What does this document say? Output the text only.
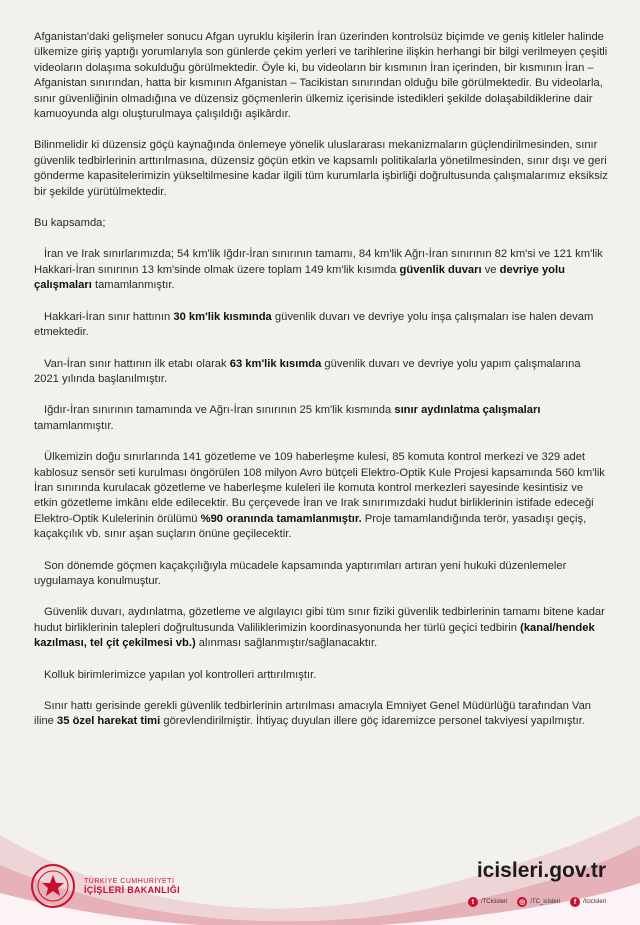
Afganistan'daki gelişmeler sonucu Afgan uyruklu kişilerin İran üzerinden kontrolsüz biçimde ve geniş kitleler halinde ülkemize giriş yaptığı yorumlarıyla son günlerde çekim yerleri ve tarihlerine ilişkin herhangi bir bilgi verilmeyen çeşitli videoların dolaşıma sokulduğu görülmektedir. Öyle ki, bu videoların bir kısmının İran içerinden, bir kısmının İran – Afganistan sınırından, hatta bir kısmının Afganistan – Tacikistan sınırından olduğu bile görülmektedir. Bu videolarla, sınır güvenliğinin olmadığına ve düzensiz göçmenlerin ülkemiz içerisinde istedikleri şekilde dolaşabildiklerine dair kamuoyunda algı oluşturulmaya çalışıldığı aşikârdır.

Bilinmelidir ki düzensiz göçü kaynağında önlemeye yönelik uluslararası mekanizmaların güçlendirilmesinden, sınır güvenlik tedbirlerinin arttırılmasına, düzensiz göçün etkin ve kapsamlı politikalarla yönetilmesinden, sınır dışı ve geri gönderme kapasitelerimizin yükseltilmesine kadar ilgili tüm kurumlarla işbirliği doğrultusunda çalışmalarımız eksiksiz bir şekilde yürütülmektedir.

Bu kapsamda;

İran ve Irak sınırlarımızda; 54 km'lik Iğdır-İran sınırının tamamı, 84 km'lik Ağrı-İran sınırının 82 km'si ve 121 km'lik Hakkari-İran sınırının 13 km'sinde olmak üzere toplam 149 km'lik kısımda güvenlik duvarı ve devriye yolu çalışmaları tamamlanmıştır.

Hakkari-İran sınır hattının 30 km'lik kısmında güvenlik duvarı ve devriye yolu inşa çalışmaları ise halen devam etmektedir.

Van-İran sınır hattının ilk etabı olarak 63 km'lik kısımda güvenlik duvarı ve devriye yolu yapım çalışmalarına 2021 yılında başlanılmıştır.

Iğdır-İran sınırının tamamında ve Ağrı-İran sınırının 25 km'lik kısmında sınır aydınlatma çalışmaları tamamlanmıştır.

Ülkemizin doğu sınırlarında 141 gözetleme ve 109 haberleşme kulesi, 85 komuta kontrol merkezi ve 329 adet kablosuz sensör seti kurulması öngörülen 108 milyon Avro bütçeli Elektro-Optik Kule Projesi kapsamında 560 km'lik İran sınırında kurulacak gözetleme ve haberleşme kuleleri ile komuta kontrol merkezleri sayesinde kesintisiz ve etkin gözetleme imkânı elde edilecektir. Bu çerçevede İran ve Irak sınırımızdaki hudut birliklerinin istifade edeceği Elektro-Optik Kulelerinin örülümü %90 oranında tamamlanmıştır. Proje tamamlandığında terör, yasadışı geçiş, kaçakçılık vb. sınır aşan suçların önüne geçilecektir.

Son dönemde göçmen kaçakçılığıyla mücadele kapsamında yaptırımları artıran yeni hukuki düzenlemeler uygulamaya konulmuştur.

Güvenlik duvarı, aydınlatma, gözetleme ve algılayıcı gibi tüm sınır fiziki güvenlik tedbirlerinin tamamı bitene kadar hudut birliklerinin talepleri doğrultusunda Valiliklerimizin koordinasyonunda her türlü geçici tedbirin (kanal/hendek kazılması, tel çit çekilmesi vb.) alınması sağlanmıştır/sağlanacaktır.

Kolluk birimlerimizce yapılan yol kontrolleri arttırılmıştır.

Sınır hattı gerisinde gerekli güvenlik tedbirlerinin artırılması amacıyla Emniyet Genel Müdürlüğü tarafından Van iline 35 özel harekat timi görevlendirilmiştir. İhtiyaç duyulan illere göç idaremizce personel takviyesi yapılmıştır.

TÜRKİYE CUMHURİYETİ
İÇİŞLERİ BAKANLIĞI
icisleri.gov.tr
t	/TCicisleri ◎ /TC_icisleri	f	/tcicisleri
